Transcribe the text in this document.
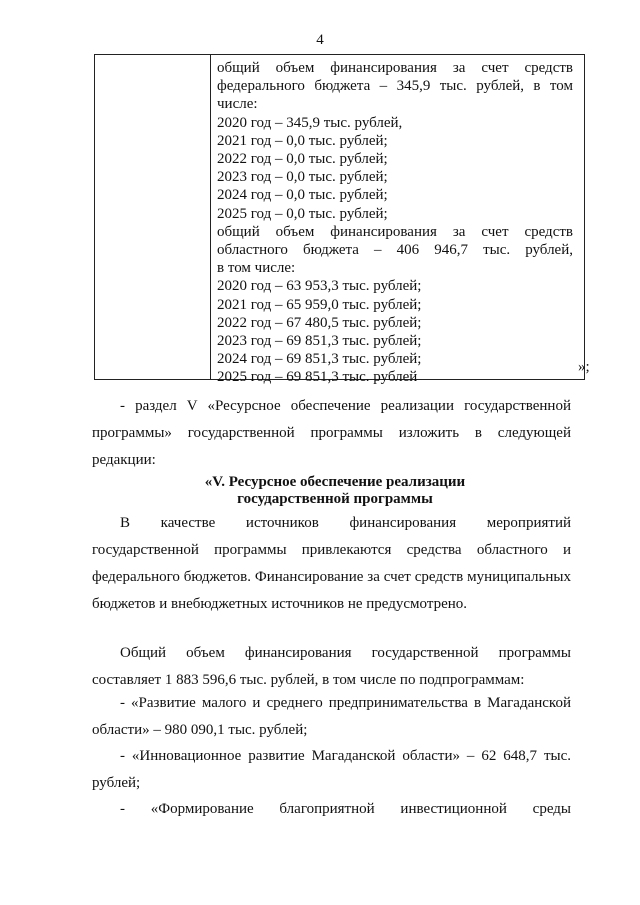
4
общий объем финансирования за счет средств
федерального бюджета – 345,9 тыс. рублей, в том
числе:
2020 год – 345,9 тыс. рублей,
2021 год – 0,0 тыс. рублей;
2022 год – 0,0 тыс. рублей;
2023 год – 0,0 тыс. рублей;
2024 год – 0,0 тыс. рублей;
2025 год – 0,0 тыс. рублей;
общий объем финансирования за счет средств
областного бюджета – 406 946,7 тыс. рублей,
в том числе:
2020 год – 63 953,3 тыс. рублей;
2021 год – 65 959,0 тыс. рублей;
2022 год – 67 480,5 тыс. рублей;
2023 год – 69 851,3 тыс. рублей;
2024 год – 69 851,3 тыс. рублей;
2025 год – 69 851,3 тыс. рублей
»;
- раздел V «Ресурсное обеспечение реализации государственной программы» государственной программы изложить в следующей редакции:
«V. Ресурсное обеспечение реализации
государственной программы
В качестве источников финансирования мероприятий государственной программы привлекаются средства областного и федерального бюджетов. Финансирование за счет средств муниципальных бюджетов и внебюджетных источников не предусмотрено.
Общий объем финансирования государственной программы составляет 1 883 596,6 тыс. рублей, в том числе по подпрограммам:
- «Развитие малого и среднего предпринимательства в Магаданской области» – 980 090,1 тыс. рублей;
- «Инновационное развитие Магаданской области» – 62 648,7 тыс. рублей;
- «Формирование благоприятной инвестиционной среды
